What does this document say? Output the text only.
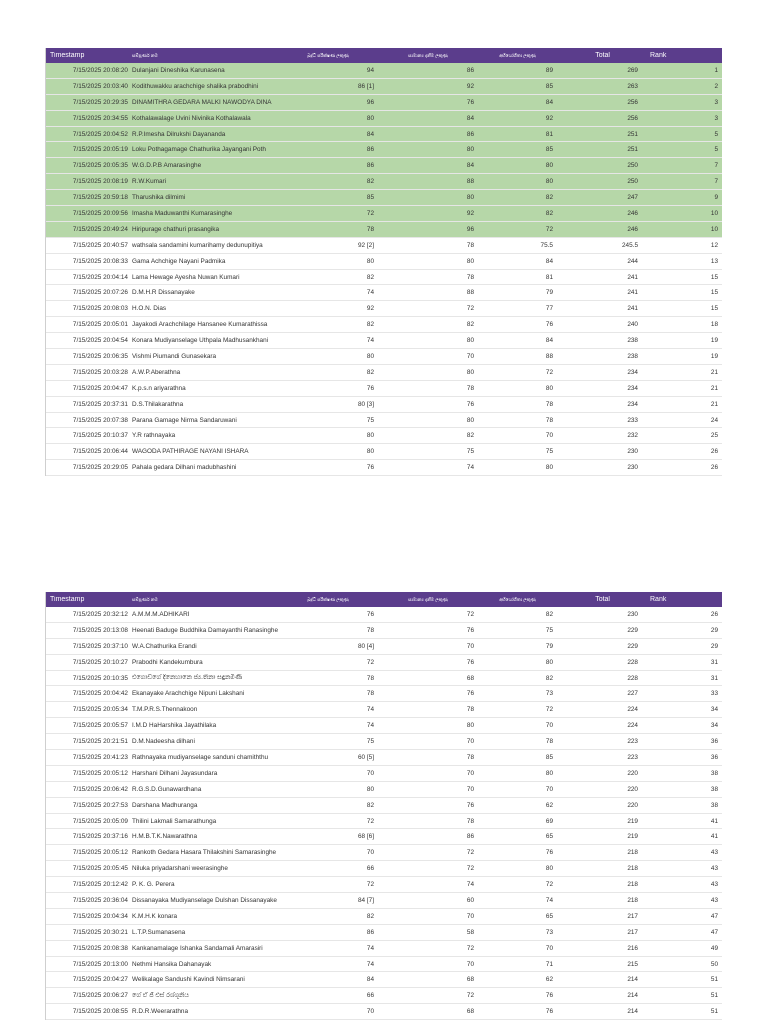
Timestamp	සම්පූර්ණ නම	බුද්ධි පරීක්ෂණ ලකුණු	සාමාන්‍ය දැනීම ලකුණු	අභියෝගිතා ලකුණු	Total	Rank
7/15/2025 20:08:20 Dulanjani Dineshika Karunasena	94	86	89	269	1
7/15/2025 20:03:40 Kodithuwakku arachchige shalika prabodhini	86 [1]	92	85	263	2
7/15/2025 20:29:35 DINAMITHRA GEDARA MALKI NAWODYA DINA	96	76	84	256	3
7/15/2025 20:34:55 Kothalawalage Uvini Nivinika Kothalawala	80	84	92	256	3
7/15/2025 20:04:52 R.P.Imesha Dilrukshi Dayananda	84	86	81	251	5
7/15/2025 20:05:19 Loku Pothagamage Chathurika Jayangani Poth	86	80	85	251	5
7/15/2025 20:05:35 W.G.D.P.B Amarasinghe	86	84	80	250	7
7/15/2025 20:08:19 R.W.Kumari	82	88	80	250	7
7/15/2025 20:59:18 Tharushika dilmimi	85	80	82	247	9
7/15/2025 20:09:56 Imasha Maduwanthi Kumarasinghe	72	92	82	246	10
7/15/2025 20:49:24 Hiripurage chathuri prasangika	78	96	72	246	10
7/15/2025 20:40:57 wathsala sandamini kumarihamy dedunupitiya	92 [2]	78	75.5	245.5	12
7/15/2025 20:08:33 Gama Achchige Nayani Padmika	80	80	84	244	13
7/15/2025 20:04:14 Lama Hewage Ayesha Nuwan Kumari	82	78	81	241	15
7/15/2025 20:07:26 D.M.H.R Dissanayake	74	88	79	241	15
7/15/2025 20:08:03 H.O.N. Dias	92	72	77	241	15
7/15/2025 20:05:01 Jayakodi Arachchilage Hansanee Kumarathissa	82	82	76	240	18
7/15/2025 20:04:54 Konara Mudiyanselage Uthpala Madhusankhani	74	80	84	238	19
7/15/2025 20:06:35 Vishmi Piumandi Gunasekara	80	70	88	238	19
7/15/2025 20:03:28 A.W.P.Aberathna	82	80	72	234	21
7/15/2025 20:04:47 K.p.s.n ariyarathna	76	78	80	234	21
7/15/2025 20:37:31 D.S.Thilakarathna	80 [3]	76	78	234	21
7/15/2025 20:07:38 Parana Gamage Nirma Sandaruwani	75	80	78	233	24
7/15/2025 20:10:37 Y.R rathnayaka	80	82	70	232	25
7/15/2025 20:06:44 WAGODA PATHIRAGE NAYANI ISHARA	80	75	75	230	26
7/15/2025 20:29:05 Pahala gedara Dilhani madubhashini	76	74	80	230	26
Timestamp	සම්පූර්ණ නම	බුද්ධි පරීක්ෂණ ලකුණු	සාමාන්‍ය දැනීම ලකුණු	අභියෝගිතා ලකුණු	Total	Rank
7/15/2025 20:32:12 A.M.M.M.ADHIKARI	76	72	82	230	26
7/15/2025 20:13:08 Heenati Baduge Buddhika Damayanthi Ranasinghe	78	76	75	229	29
7/15/2025 20:37:10 W.A.Chathurika Erandi	80 [4]	70	79	229	29
7/15/2025 20:10:27 Prabodhi Kandekumbura	72	76	80	228	31
7/15/2025 20:10:35 එගොඩගේ දිනෙහානෙ ජ්‍ය.තිනා සඳුනමිණි	78	68	82	228	31
7/15/2025 20:04:42 Ekanayake Arachchige Nipuni Lakshani	78	76	73	227	33
7/15/2025 20:05:34 T.M.P.R.S.Thennakoon	74	78	72	224	34
7/15/2025 20:05:57 I.M.D HaHarshika Jayathilaka	74	80	70	224	34
7/15/2025 20:21:51 D.M.Nadeesha dilhani	75	70	78	223	36
7/15/2025 20:41:23 Rathnayaka mudiyanselage sanduni chamiththu	60 [5]	78	85	223	36
7/15/2025 20:05:12 Harshani Dilhani Jayasundara	70	70	80	220	38
7/15/2025 20:06:42 R.G.S.D.Gunawardhana	80	70	70	220	38
7/15/2025 20:27:53 Darshana Madhuranga	82	76	62	220	38
7/15/2025 20:05:09 Thilini Lakmali Samarathunga	72	78	69	219	41
7/15/2025 20:37:16 H.M.B.T.K.Nawarathna	68 [6]	86	65	219	41
7/15/2025 20:05:12 Rankoth Gedara Hasara Thilakshini Samarasinghe	70	72	76	218	43
7/15/2025 20:05:45 Niluka priyadarshani weerasinghe	66	72	80	218	43
7/15/2025 20:12:42 P. K. G. Perera	72	74	72	218	43
7/15/2025 20:36:04 Dissanayaka Mudiyanselage Dulshan Dissanayake	84 [7]	60	74	218	43
7/15/2025 20:04:34 K.M.H.K konara	82	70	65	217	47
7/15/2025 20:30:21 L.T.P.Sumanasena	86	58	73	217	47
7/15/2025 20:08:38 Kankanamalage Ishanka Sandamali Amarasiri	74	72	70	216	49
7/15/2025 20:13:00 Nethmi Hansika Dahanayak	74	70	71	215	50
7/15/2025 20:04:27 Welikalage Sandushi Kavindi Nimsarani	84	68	62	214	51
7/15/2025 20:06:27 ගේ ඒ ජී එස් රශ්ශූනිය	66	72	76	214	51
7/15/2025 20:08:55 R.D.R.Weerarathna	70	68	76	214	51
